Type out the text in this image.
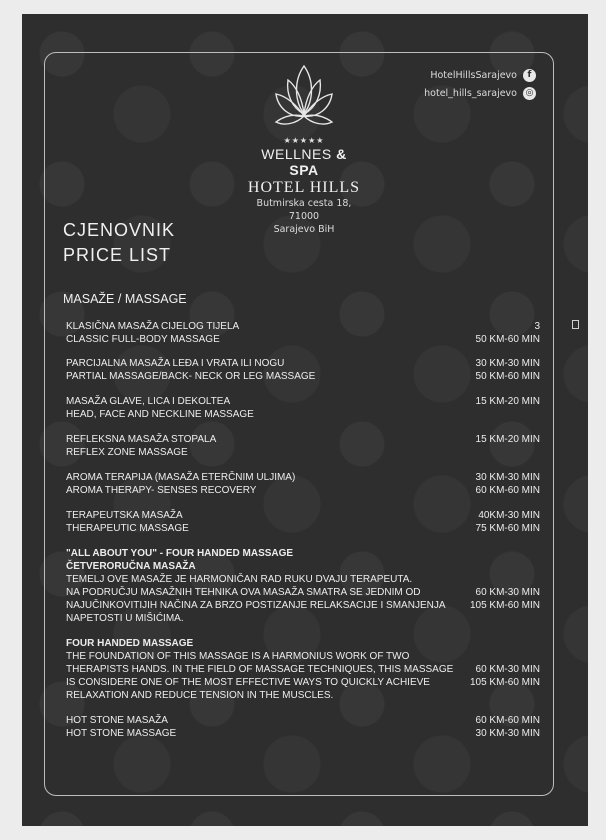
HotelHillsSarajevo	f
hotel_hills_sarajevo ◎
★★★★★
WELLNES & SPA
HOTEL HILLS
Butmirska cesta 18, 71000
Sarajevo BiH
CJENOVNIK
PRICE LIST
MASAŽE / MASSAGE
KLASIČNA MASAŽA CIJELOG TIJELA
CLASSIC FULL-BODY MASSAGE
3
50 KM-60 MIN
PARCIJALNA MASAŽA LEĐA I VRATA ILI NOGU
PARTIAL MASSAGE/BACK- NECK OR LEG MASSAGE
30 KM-30 MIN
50 KM-60 MIN
MASAŽA GLAVE, LICA I DEKOLTEA
HEAD, FACE AND NECKLINE MASSAGE
15 KM-20 MIN
REFLEKSNA MASAŽA STOPALA
REFLEX ZONE MASSAGE
15 KM-20 MIN
AROMA TERAPIJA (MASAŽA ETERČNIM ULJIMA)
AROMA THERAPY- SENSES RECOVERY
30 KM-30 MIN
60 KM-60 MIN
TERAPEUTSKA MASAŽA
THERAPEUTIC MASSAGE
40KM-30 MIN
75 KM-60 MIN
"ALL ABOUT YOU" - FOUR HANDED MASSAGE
ČETVERORUČNA MASAŽA
TEMELJ OVE MASAŽE JE HARMONIČAN RAD RUKU DVAJU TERAPEUTA.
NA PODRUČJU MASAŽNIH TEHNIKA OVA MASAŽA SMATRA SE JEDNIM OD
NAJUČINKOVITIJIH NAČINA ZA BRZO POSTIZANJE RELAKSACIJE I SMANJENJA
NAPETOSTI U MIŠIĆIMA.
60 KM-30 MIN
105 KM-60 MIN
FOUR HANDED MASSAGE
THE FOUNDATION OF THIS MASSAGE IS A HARMONIUS WORK OF TWO
THERAPISTS HANDS. IN THE FIELD OF MASSAGE TECHNIQUES, THIS MASSAGE
IS CONSIDERE ONE OF THE MOST EFFECTIVE WAYS TO QUICKLY ACHIEVE
RELAXATION AND REDUCE TENSION IN THE MUSCLES.
60 KM-30 MIN
105 KM-60 MIN
HOT STONE MASAŽA
HOT STONE MASSAGE
60 KM-60 MIN
30 KM-30 MIN
